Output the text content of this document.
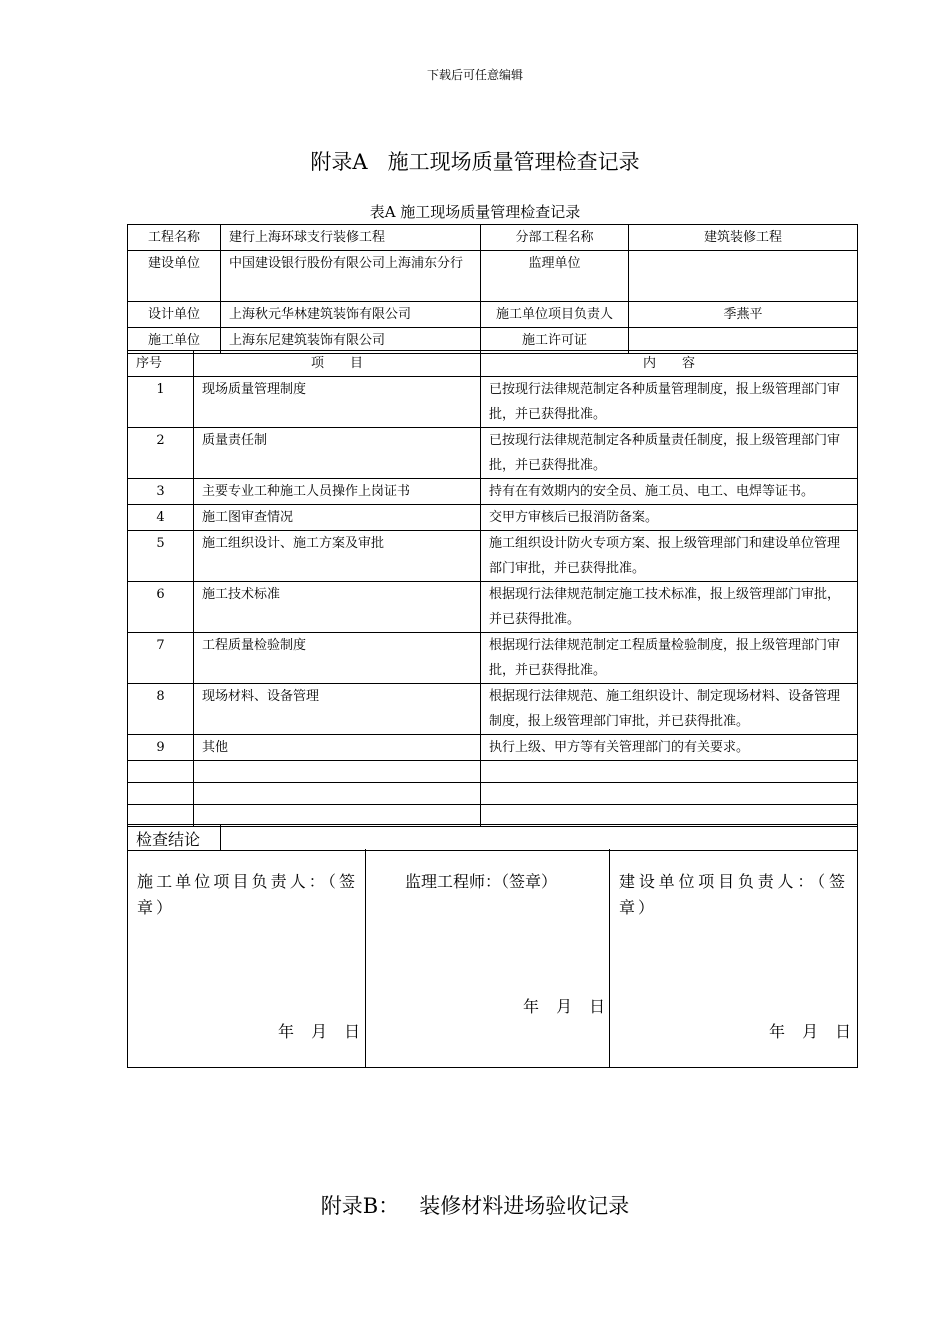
下载后可任意编辑
附录A   施工现场质量管理检查记录
表A 施工现场质量管理检查记录
工程名称	建行上海环球支行装修工程	分部工程名称	建筑装修工程
建设单位	中国建设银行股份有限公司上海浦东分行	监理单位	
设计单位	上海秋元华林建筑装饰有限公司	施工单位项目负责人	季燕平
施工单位	上海东尼建筑装饰有限公司	施工许可证	
序号	项　　目	内　　容
1	现场质量管理制度	已按现行法律规范制定各种质量管理制度，报上级管理部门审批，并已获得批准。
2	质量责任制	已按现行法律规范制定各种质量责任制度，报上级管理部门审批，并已获得批准。
3	主要专业工种施工人员操作上岗证书	持有在有效期内的安全员、施工员、电工、电焊等证书。
4	施工图审查情况	交甲方审核后已报消防备案。
5	施工组织设计、施工方案及审批	施工组织设计防火专项方案、报上级管理部门和建设单位管理部门审批，并已获得批准。
6	施工技术标准	根据现行法律规范制定施工技术标准，报上级管理部门审批，并已获得批准。
7	工程质量检验制度	根据现行法律规范制定工程质量检验制度，报上级管理部门审批，并已获得批准。
8	现场材料、设备管理	根据现行法律规范、施工组织设计、制定现场材料、设备管理制度，报上级管理部门审批，并已获得批准。
9	其他	执行上级、甲方等有关管理部门的有关要求。

检查结论
施工单位项目负责人：（签章）
年 月 日
监理工程师：（签章）
年 月 日
建设单位项目负责人：（签章）
年 月 日
附录B：   装修材料进场验收记录
